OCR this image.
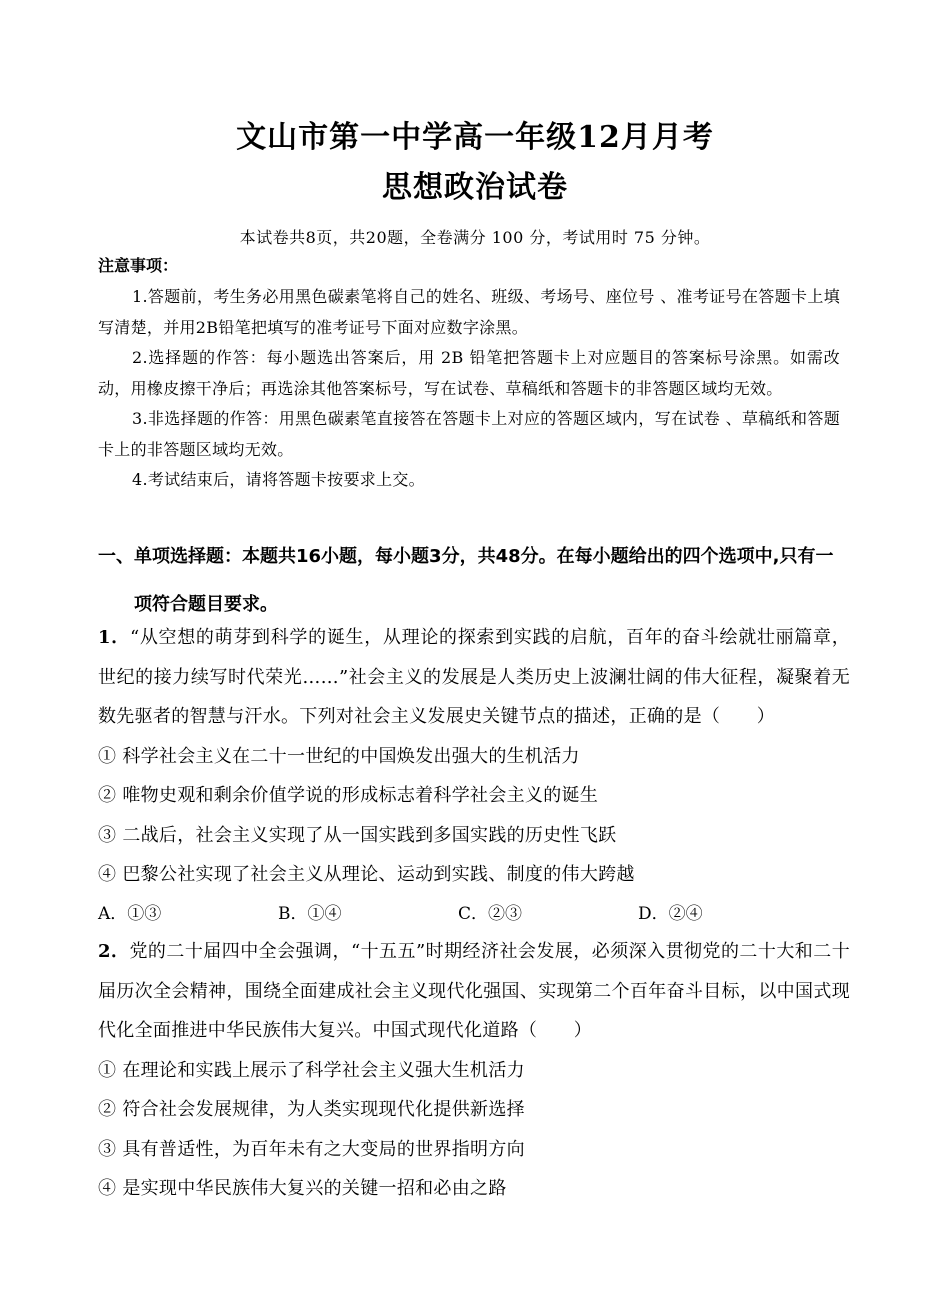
文山市第一中学高一年级12月月考
思想政治试卷
本试卷共8页，共20题，全卷满分 100 分，考试用时 75 分钟。
注意事项：
1.答题前，考生务必用黑色碳素笔将自己的姓名、班级、考场号、座位号 、准考证号在答题卡上填写清楚，并用2B铅笔把填写的准考证号下面对应数字涂黑。
2.选择题的作答：每小题选出答案后，用 2B 铅笔把答题卡上对应题目的答案标号涂黑。如需改动，用橡皮擦干净后；再选涂其他答案标号，写在试卷、草稿纸和答题卡的非答题区域均无效。
3.非选择题的作答：用黑色碳素笔直接答在答题卡上对应的答题区域内，写在试卷 、草稿纸和答题卡上的非答题区域均无效。
4.考试结束后，请将答题卡按要求上交。
一、单项选择题：本题共16小题，每小题3分，共48分。在每小题给出的四个选项中,只有一
项符合题目要求。
1．“从空想的萌芽到科学的诞生，从理论的探索到实践的启航，百年的奋斗绘就壮丽篇章，世纪的接力续写时代荣光……”社会主义的发展是人类历史上波澜壮阔的伟大征程，凝聚着无数先驱者的智慧与汗水。下列对社会主义发展史关键节点的描述，正确的是（　　）
① 科学社会主义在二十一世纪的中国焕发出强大的生机活力
② 唯物史观和剩余价值学说的形成标志着科学社会主义的诞生
③ 二战后，社会主义实现了从一国实践到多国实践的历史性飞跃
④ 巴黎公社实现了社会主义从理论、运动到实践、制度的伟大跨越
A．①③	B．①④	C．②③	D．②④
2．党的二十届四中全会强调，“十五五”时期经济社会发展，必须深入贯彻党的二十大和二十届历次全会精神，围绕全面建成社会主义现代化强国、实现第二个百年奋斗目标，以中国式现代化全面推进中华民族伟大复兴。中国式现代化道路（　　）
① 在理论和实践上展示了科学社会主义强大生机活力
② 符合社会发展规律，为人类实现现代化提供新选择
③ 具有普适性，为百年未有之大变局的世界指明方向
④ 是实现中华民族伟大复兴的关键一招和必由之路
